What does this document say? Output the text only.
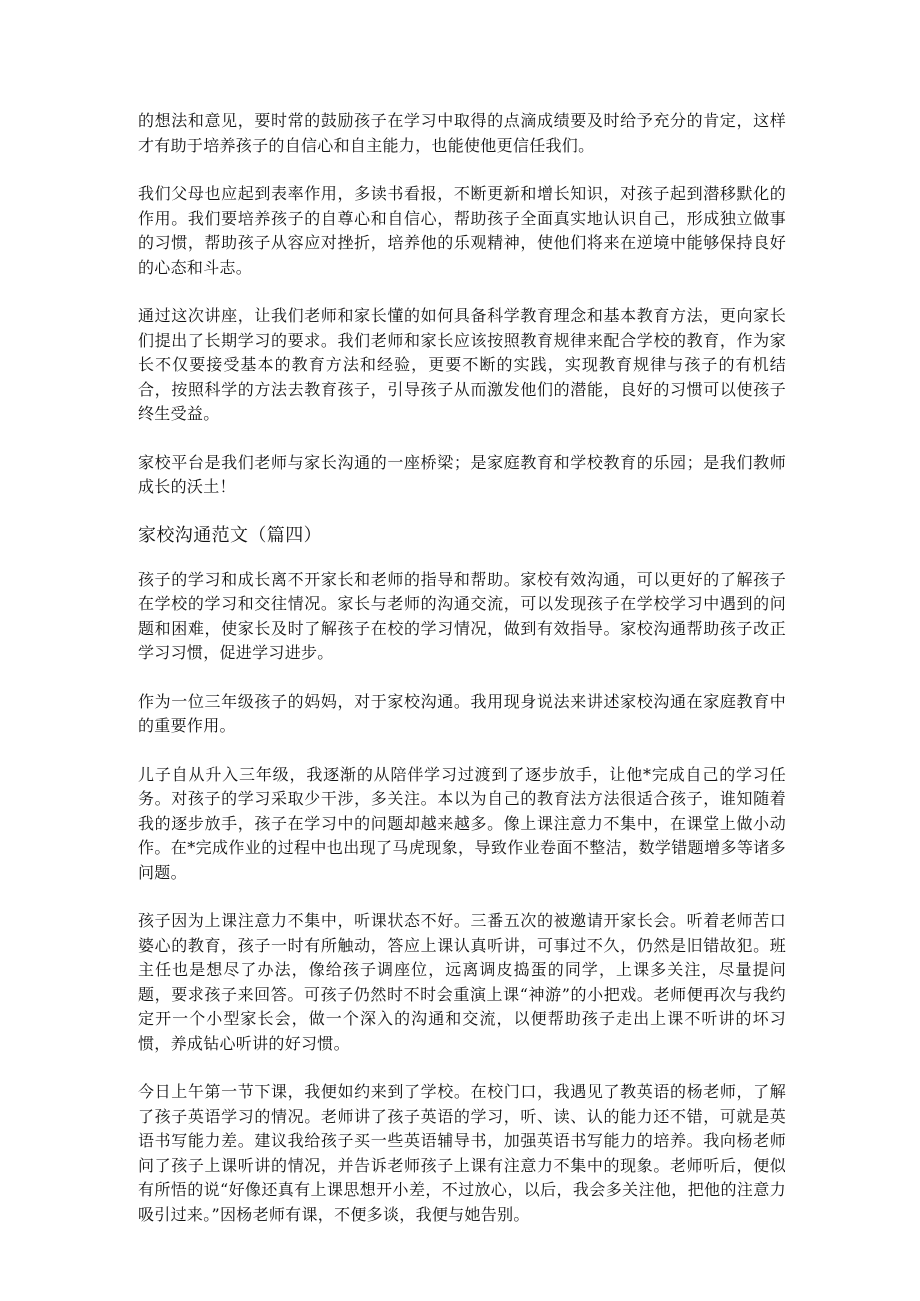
的想法和意见，要时常的鼓励孩子在学习中取得的点滴成绩要及时给予充分的肯定，这样才有助于培养孩子的自信心和自主能力，也能使他更信任我们。

我们父母也应起到表率作用，多读书看报，不断更新和增长知识，对孩子起到潜移默化的作用。我们要培养孩子的自尊心和自信心，帮助孩子全面真实地认识自己，形成独立做事的习惯，帮助孩子从容应对挫折，培养他的乐观精神，使他们将来在逆境中能够保持良好的心态和斗志。

通过这次讲座，让我们老师和家长懂的如何具备科学教育理念和基本教育方法，更向家长们提出了长期学习的要求。我们老师和家长应该按照教育规律来配合学校的教育，作为家长不仅要接受基本的教育方法和经验，更要不断的实践，实现教育规律与孩子的有机结合，按照科学的方法去教育孩子，引导孩子从而激发他们的潜能，良好的习惯可以使孩子终生受益。

家校平台是我们老师与家长沟通的一座桥梁；是家庭教育和学校教育的乐园；是我们教师成长的沃土！

家校沟通范文（篇四）

孩子的学习和成长离不开家长和老师的指导和帮助。家校有效沟通，可以更好的了解孩子在学校的学习和交往情况。家长与老师的沟通交流，可以发现孩子在学校学习中遇到的问题和困难，使家长及时了解孩子在校的学习情况，做到有效指导。家校沟通帮助孩子改正学习习惯，促进学习进步。

作为一位三年级孩子的妈妈，对于家校沟通。我用现身说法来讲述家校沟通在家庭教育中的重要作用。

儿子自从升入三年级，我逐渐的从陪伴学习过渡到了逐步放手，让他*完成自己的学习任务。对孩子的学习采取少干涉，多关注。本以为自己的教育法方法很适合孩子，谁知随着我的逐步放手，孩子在学习中的问题却越来越多。像上课注意力不集中，在课堂上做小动作。在*完成作业的过程中也出现了马虎现象，导致作业卷面不整洁，数学错题增多等诸多问题。

孩子因为上课注意力不集中，听课状态不好。三番五次的被邀请开家长会。听着老师苦口婆心的教育，孩子一时有所触动，答应上课认真听讲，可事过不久，仍然是旧错故犯。班主任也是想尽了办法，像给孩子调座位，远离调皮捣蛋的同学，上课多关注，尽量提问题，要求孩子来回答。可孩子仍然时不时会重演上课“神游”的小把戏。老师便再次与我约定开一个小型家长会，做一个深入的沟通和交流，以便帮助孩子走出上课不听讲的坏习惯，养成钻心听讲的好习惯。

今日上午第一节下课，我便如约来到了学校。在校门口，我遇见了教英语的杨老师，了解了孩子英语学习的情况。老师讲了孩子英语的学习，听、读、认的能力还不错，可就是英语书写能力差。建议我给孩子买一些英语辅导书，加强英语书写能力的培养。我向杨老师问了孩子上课听讲的情况，并告诉老师孩子上课有注意力不集中的现象。老师听后，便似有所悟的说“好像还真有上课思想开小差，不过放心，以后，我会多关注他，把他的注意力吸引过来。”因杨老师有课，不便多谈，我便与她告别。
